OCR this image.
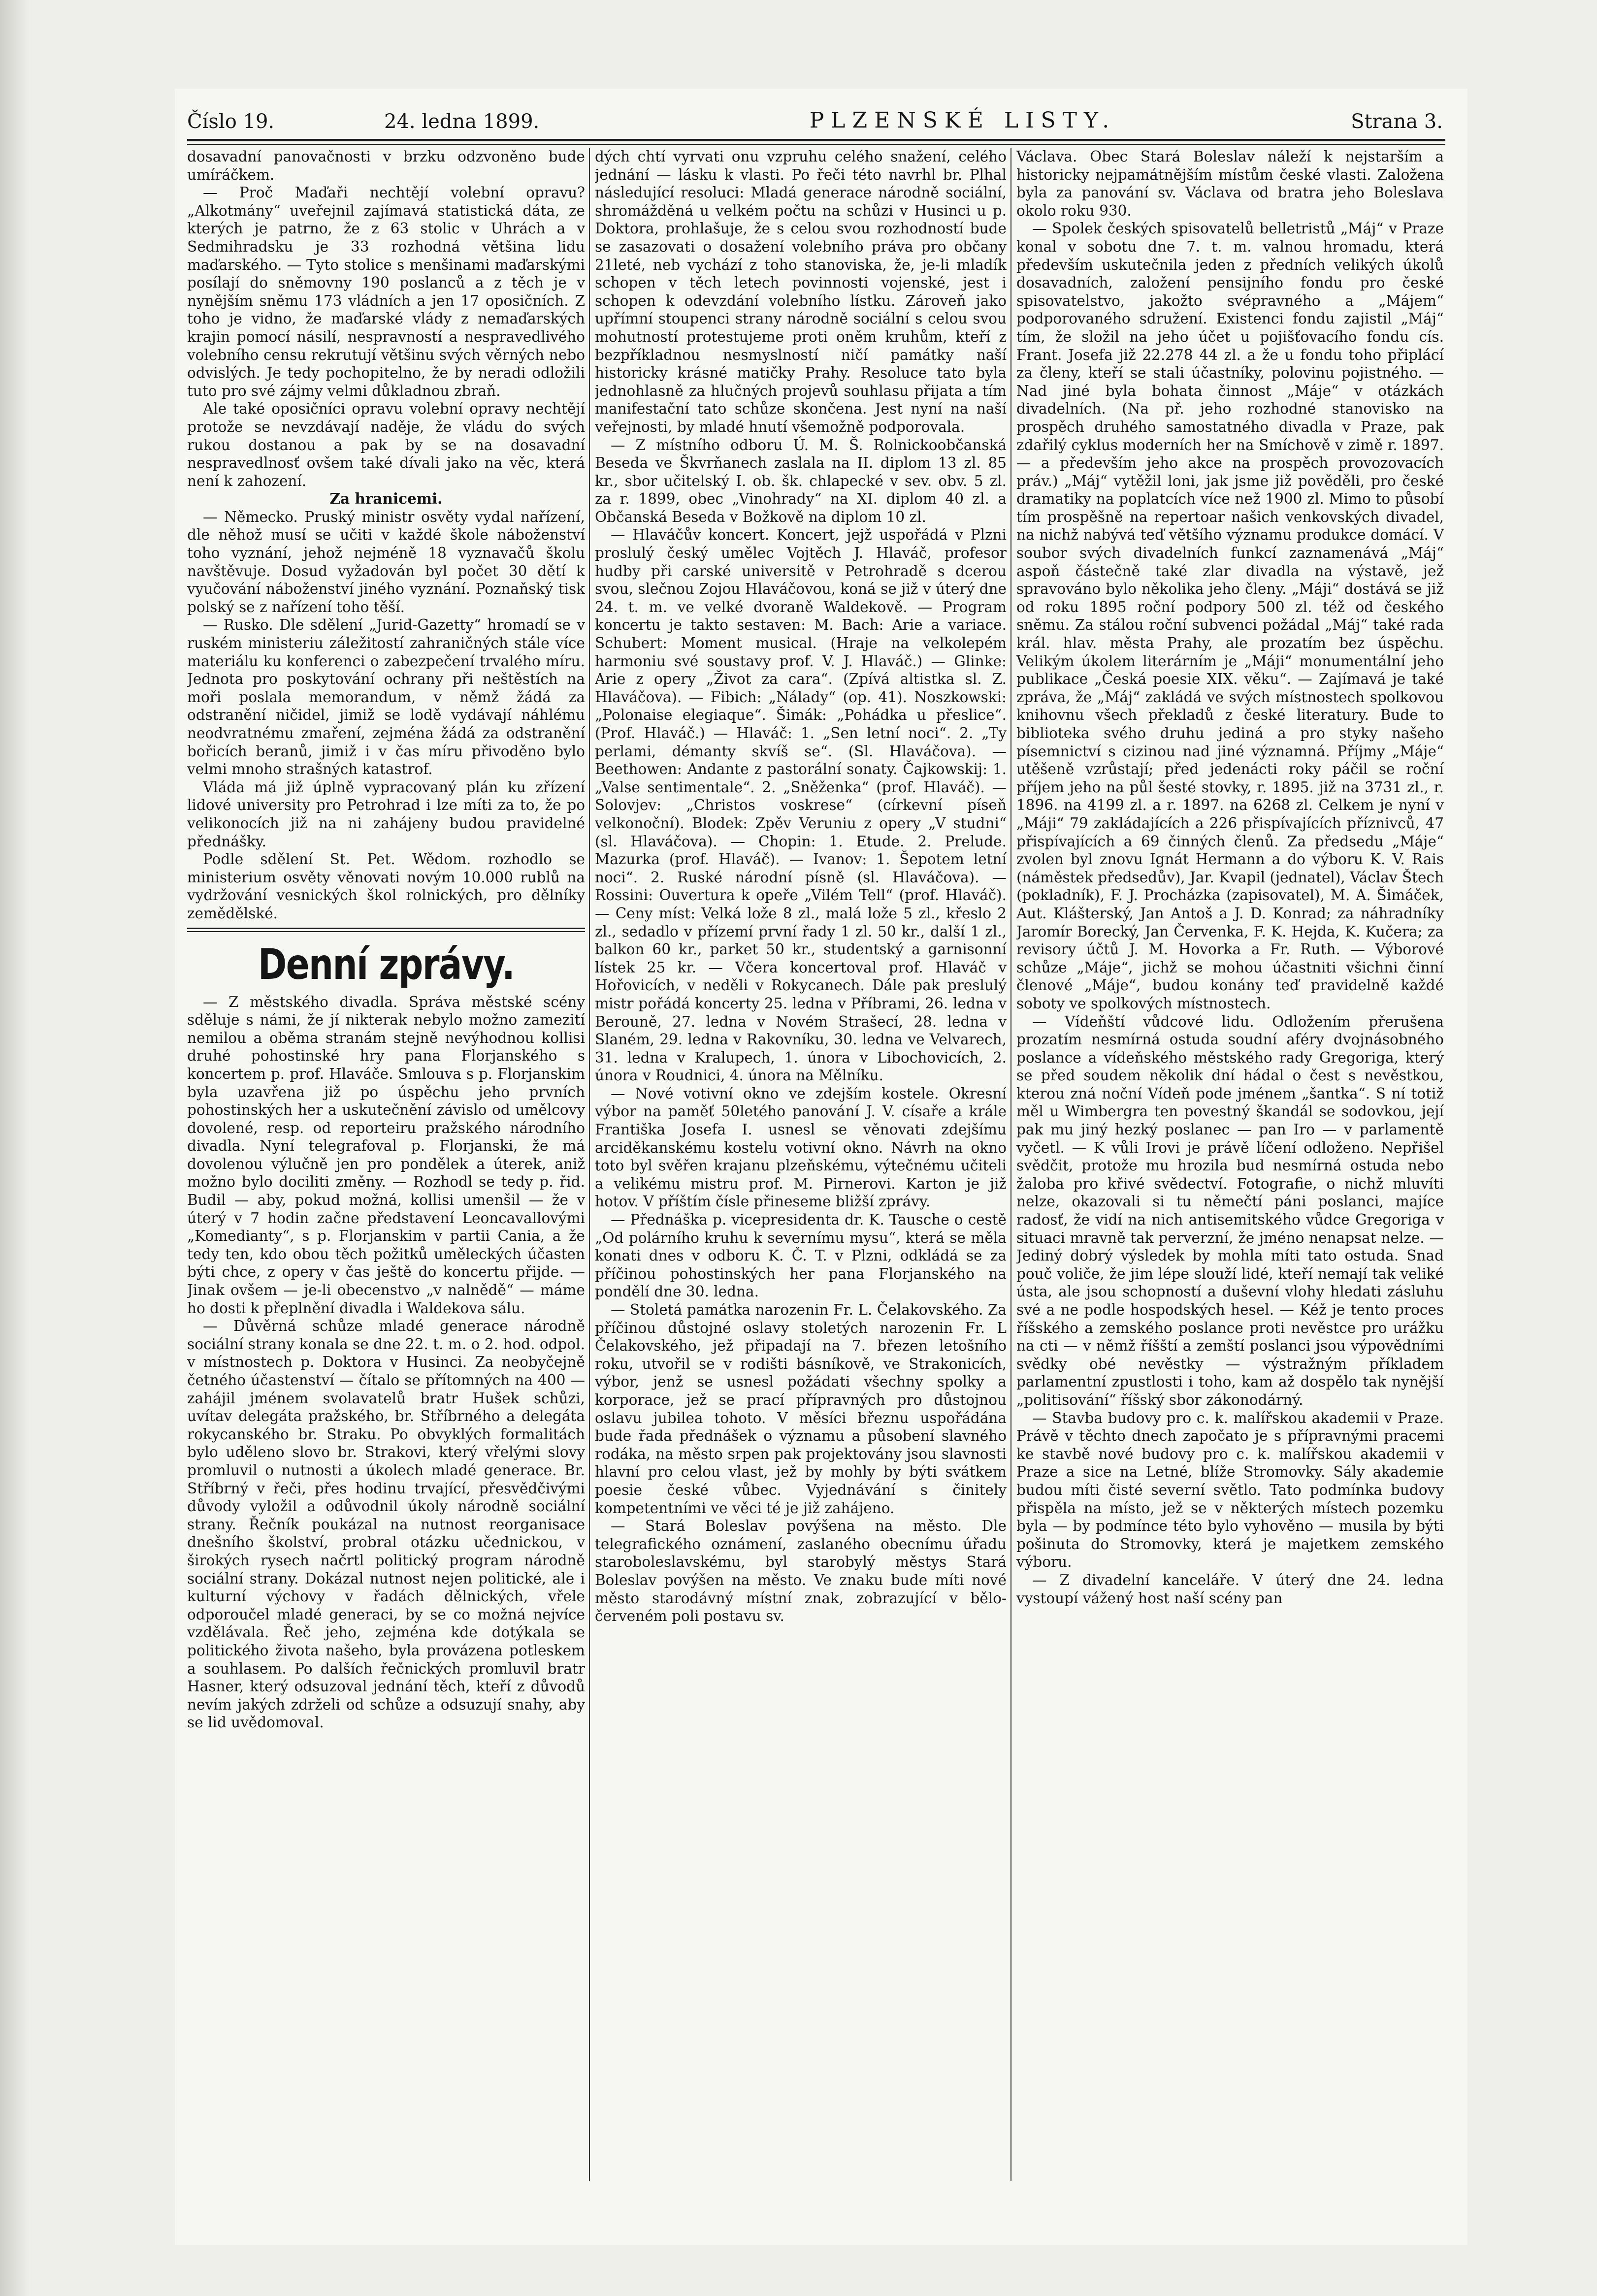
Číslo 19.	24. ledna 1899.	PLZENSKÉ LISTY.	Strana 3.

dosavadní panovačnosti v brzku odzvoněno bude umíráčkem.

— Proč Maďaři nechtějí volební opravu? „Alkotmány“ uveřejnil zajímavá statistická dáta, ze kterých je patrno, že z 63 stolic v Uhrách a v Sedmihradsku je 33 rozhodná většina lidu maďarského. — Tyto stolice s menšinami maďarskými posílají do sněmovny 190 poslanců a z těch je v nynějším sněmu 173 vládních a jen 17 oposičních. Z toho je vidno, že maďarské vlády z nemaďarských krajin pomocí násilí, nespravností a nespravedlivého volebního censu rekrutují většinu svých věrných nebo odvislých. Je tedy pochopitelno, že by neradi odložili tuto pro své zájmy velmi důkladnou zbraň.

Ale také oposičníci opravu volební opravy nechtějí protože se nevzdávají naděje, že vládu do svých rukou dostanou a pak by se na dosavadní nespravedlnosť ovšem také dívali jako na věc, která není k zahození.

Za hranicemi.

— Německo. Pruský ministr osvěty vydal nařízení, dle něhož musí se učiti v každé škole náboženství toho vyznání, jehož nejméně 18 vyznavačů školu navštěvuje. Dosud vyžadován byl počet 30 dětí k vyučování náboženství jiného vyznání. Poznaňský tisk polský se z nařízení toho těší.

— Rusko. Dle sdělení „Jurid-Gazetty“ hromadí se v ruském ministeriu záležitostí zahraničných stále více materiálu ku konferenci o zabezpečení trvalého míru. Jednota pro poskytování ochrany při neštěstích na moři poslala memorandum, v němž žádá za odstranění ničidel, jimiž se lodě vydávají náhlému neodvratnému zmaření, zejména žádá za odstranění bořicích beranů, jimiž i v čas míru přivoděno bylo velmi mnoho strašných katastrof.

Vláda má již úplně vypracovaný plán ku zřízení lidové university pro Petrohrad i lze míti za to, že po velikonocích již na ni zahájeny budou pravidelné přednášky.

Podle sdělení St. Pet. Wědom. rozhodlo se ministerium osvěty věnovati novým 10.000 rublů na vydržování vesnických škol rolnických, pro dělníky zemědělské.

Denní zprávy.

— Z městského divadla. Správa městské scény sděluje s námi, že jí nikterak nebylo možno zamezití nemilou a oběma stranám stejně nevýhodnou kollisi druhé pohostinské hry pana Florjanského s koncertem p. prof. Hlaváče. Smlouva s p. Florjanskim byla uzavřena již po úspěchu jeho prvních pohostinských her a uskutečnění závislo od umělcovy dovolené, resp. od reporteiru pražského národního divadla. Nyní telegrafoval p. Florjanski, že má dovolenou výlučně jen pro pondělek a úterek, aniž možno bylo dociliti změny. — Rozhodl se tedy p. řid. Budil — aby, pokud možná, kollisi umenšil — že v úterý v 7 hodin začne představení Leoncavallovými „Komedianty“, s p. Florjanskim v partii Cania, a že tedy ten, kdo obou těch požitků uměleckých účasten býti chce, z opery v čas ještě do koncertu přijde. — Jinak ovšem — je-li obecenstvo „v nalnědě“ — máme ho dosti k přeplnění divadla i Waldekova sálu.

— Důvěrná schůze mladé generace národně sociální strany konala se dne 22. t. m. o 2. hod. odpol. v místnostech p. Doktora v Husinci. Za neobyčejně četného účastenství — čítalo se přítomných na 400 — zahájil jménem svolavatelů bratr Hušek schůzi, uvítav delegáta pražského, br. Stříbrného a delegáta rokycanského br. Straku. Po obvyklých formalitách bylo uděleno slovo br. Strakovi, který vřelými slovy promluvil o nutnosti a úkolech mladé generace. Br. Stříbrný v řeči, přes hodinu trvající, přesvědčivými důvody vyložil a odůvodnil úkoly národně sociální strany. Řečník poukázal na nutnost reorganisace dnešního školství, probral otázku učednickou, v širokých rysech načrtl politický program národně sociální strany. Dokázal nutnost nejen politické, ale i kulturní výchovy v řadách dělnických, vřele odporoučel mladé generaci, by se co možná nejvíce vzdělávala. Řeč jeho, zejména kde dotýkala se politického života našeho, byla provázena potleskem a souhlasem. Po dalších řečnických promluvil bratr Hasner, který odsuzoval jednání těch, kteří z důvodů nevím jakých zdrželi od schůze a odsuzují snahy, aby se lid uvědomoval.

dých chtí vyrvati onu vzpruhu celého snažení, celého jednání — lásku k vlasti. Po řeči této navrhl br. Plhal následující resoluci: Mladá generace národně sociální, shromážděná u velkém počtu na schůzi v Husinci u p. Doktora, prohlašuje, že s celou svou rozhodností bude se zasazovati o dosažení volebního práva pro občany 21leté, neb vychází z toho stanoviska, že, je-li mladík schopen v těch letech povinnosti vojenské, jest i schopen k odevzdání volebního lístku. Zároveň jako upřímní stoupenci strany národně sociální s celou svou mohutností protestujeme proti oněm kruhům, kteří z bezpříkladnou nesmyslností ničí památky naší historicky krásné matičky Prahy. Resoluce tato byla jednohlasně za hlučných projevů souhlasu přijata a tím manifestační tato schůze skončena. Jest nyní na naší veřejnosti, by mladé hnutí všemožně podporovala.

— Z místního odboru Ú. M. Š. Rolnickoobčanská Beseda ve Škvrňanech zaslala na II. diplom 13 zl. 85 kr., sbor učitelský I. ob. šk. chlapecké v sev. obv. 5 zl. za r. 1899, obec „Vinohrady“ na XI. diplom 40 zl. a Občanská Beseda v Božkově na diplom 10 zl.

— Hlaváčův koncert. Koncert, jejž uspořádá v Plzni proslulý český umělec Vojtěch J. Hlaváč, profesor hudby při carské universitě v Petrohradě s dcerou svou, slečnou Zojou Hlaváčovou, koná se již v úterý dne 24. t. m. ve velké dvoraně Waldekově. — Program koncertu je takto sestaven: M. Bach: Arie a variace. Schubert: Moment musical. (Hraje na velkolepém harmoniu své soustavy prof. V. J. Hlaváč.) — Glinke: Arie z opery „Život za cara“. (Zpívá altistka sl. Z. Hlaváčova). — Fibich: „Nálady“ (op. 41). Noszkowski: „Polonaise elegiaque“. Šimák: „Pohádka u přeslice“. (Prof. Hlaváč.) — Hlaváč: 1. „Sen letní noci“. 2. „Ty perlami, démanty skvíš se“. (Sl. Hlaváčova). — Beethowen: Andante z pastorální sonaty. Čajkowskij: 1. „Valse sentimentale“. 2. „Sněženka“ (prof. Hlaváč). — Solovjev: „Christos voskrese“ (církevní píseň velkonoční). Blodek: Zpěv Veruniu z opery „V studni“ (sl. Hlaváčova). — Chopin: 1. Etude. 2. Prelude. Mazurka (prof. Hlaváč). — Ivanov: 1. Šepotem letní noci“. 2. Ruské národní písně (sl. Hlaváčova). — Rossini: Ouvertura k opeře „Vilém Tell“ (prof. Hlaváč). — Ceny míst: Velká lože 8 zl., malá lože 5 zl., křeslo 2 zl., sedadlo v přízemí první řady 1 zl. 50 kr., další 1 zl., balkon 60 kr., parket 50 kr., studentský a garnisonní lístek 25 kr. — Včera koncertoval prof. Hlaváč v Hořovicích, v neděli v Rokycanech. Dále pak preslulý mistr pořádá koncerty 25. ledna v Příbrami, 26. ledna v Berouně, 27. ledna v Novém Strašecí, 28. ledna v Slaném, 29. ledna v Rakovníku, 30. ledna ve Velvarech, 31. ledna v Kralupech, 1. února v Libochovicích, 2. února v Roudnici, 4. února na Mělníku.

— Nové votivní okno ve zdejším kostele. Okresní výbor na paměť 50letého panování J. V. císaře a krále Františka Josefa I. usnesl se věnovati zdejšímu arciděkanskému kostelu votivní okno. Návrh na okno toto byl svěřen krajanu plzeňskému, výtečnému učiteli a velikému mistru prof. M. Pirnerovi. Karton je již hotov. V příštím čísle přineseme bližší zprávy.

— Přednáška p. vicepresidenta dr. K. Tausche o cestě „Od polárního kruhu k severnímu mysu“, která se měla konati dnes v odboru K. Č. T. v Plzni, odkládá se za příčinou pohostinských her pana Florjanského na pondělí dne 30. ledna.

— Stoletá památka narozenin Fr. L. Čelakovského. Za příčinou důstojné oslavy stoletých narozenin Fr. L Čelakovského, jež připadají na 7. březen letošního roku, utvořil se v rodišti básníkově, ve Strakonicích, výbor, jenž se usnesl požádati všechny spolky a korporace, jež se prací přípravných pro důstojnou oslavu jubilea tohoto. V měsíci březnu uspořádána bude řada přednášek o významu a působení slavného rodáka, na město srpen pak projektovány jsou slavnosti hlavní pro celou vlast, jež by mohly by býti svátkem poesie české vůbec. Vyjednávání s činitely kompetentními ve věci té je již zahájeno.

— Stará Boleslav povýšena na město. Dle telegrafického oznámení, zaslaného obecnímu úřadu staroboleslavskému, byl starobylý městys Stará Boleslav povýšen na město. Ve znaku bude míti nové město starodávný místní znak, zobrazující v bělo-červeném poli postavu sv.

Václava. Obec Stará Boleslav náleží k nejstarším a historicky nejpamátnějším místům české vlasti. Založena byla za panování sv. Václava od bratra jeho Boleslava okolo roku 930.

— Spolek českých spisovatelů belletristů „Máj“ v Praze konal v sobotu dne 7. t. m. valnou hromadu, která především uskutečnila jeden z předních velikých úkolů dosavadních, založení pensijního fondu pro české spisovatelstvo, jakožto svépravného a „Májem“ podporovaného sdružení. Existenci fondu zajistil „Máj“ tím, že složil na jeho účet u pojišťovacího fondu cís. Frant. Josefa již 22.278 44 zl. a že u fondu toho připlácí za členy, kteří se stali účastníky, polovinu pojistného. — Nad jiné byla bohata činnost „Máje“ v otázkách divadelních. (Na př. jeho rozhodné stanovisko na prospěch druhého samostatného divadla v Praze, pak zdařilý cyklus moderních her na Smíchově v zimě r. 1897. — a především jeho akce na prospěch provozovacích práv.) „Máj“ vytěžil loni, jak jsme již pověděli, pro české dramatiky na poplatcích více než 1900 zl. Mimo to působí tím prospěšně na repertoar našich venkovských divadel, na nichž nabývá teď většího významu produkce domácí. V soubor svých divadelních funkcí zaznamenává „Máj“ aspoň částečně také zlar divadla na výstavě, jež spravováno bylo několika jeho členy. „Máji“ dostává se již od roku 1895 roční podpory 500 zl. též od českého sněmu. Za stálou roční subvenci požádal „Máj“ také rada král. hlav. města Prahy, ale prozatím bez úspěchu. Velikým úkolem literárním je „Máji“ monumentální jeho publikace „Česká poesie XIX. věku“. — Zajímavá je také zpráva, že „Máj“ zakládá ve svých místnostech spolkovou knihovnu všech překladů z české literatury. Bude to biblioteka svého druhu jediná a pro styky našeho písemnictví s cizinou nad jiné významná. Příjmy „Máje“ utěšeně vzrůstají; před jedenácti roky páčil se roční příjem jeho na půl šesté stovky, r. 1895. již na 3731 zl., r. 1896. na 4199 zl. a r. 1897. na 6268 zl. Celkem je nyní v „Máji“ 79 zakládajících a 226 přispívajících příznivců, 47 přispívajících a 69 činných členů. Za předsedu „Máje“ zvolen byl znovu Ignát Hermann a do výboru K. V. Rais (náměstek předsedův), Jar. Kvapil (jednatel), Václav Štech (pokladník), F. J. Procházka (zapisovatel), M. A. Šimáček, Aut. Klášterský, Jan Antoš a J. D. Konrad; za náhradníky Jaromír Borecký, Jan Červenka, F. K. Hejda, K. Kučera; za revisory účtů J. M. Hovorka a Fr. Ruth. — Výborové schůze „Máje“, jichž se mohou účastniti všichni činní členové „Máje“, budou konány teď pravidelně každé soboty ve spolkových místnostech.

— Vídeňští vůdcové lidu. Odložením přerušena prozatím nesmírná ostuda soudní aféry dvojnásobného poslance a vídeňského městského rady Gregoriga, který se před soudem několik dní hádal o čest s nevěstkou, kterou zná noční Vídeň pode jménem „šantka“. S ní totiž měl u Wimbergra ten povestný škandál se sodovkou, její pak mu jiný hezký poslanec — pan Iro — v parlamentě vyčetl. — K vůli Irovi je právě líčení odloženo. Nepřišel svědčit, protože mu hrozila bud nesmírná ostuda nebo žaloba pro křivé svědectví. Fotografie, o nichž mluvíti nelze, okazovali si tu němečtí páni poslanci, majíce radosť, že vidí na nich antisemitského vůdce Gregoriga v situaci mravně tak perverzní, že jméno nenapsat nelze. — Jediný dobrý výsledek by mohla míti tato ostuda. Snad pouč voliče, že jim lépe slouží lidé, kteří nemají tak veliké ústa, ale jsou schopností a duševní vlohy hledati zásluhu své a ne podle hospodských hesel. — Kéž je tento proces říšského a zemského poslance proti nevěstce pro urážku na cti — v němž říšští a zemští poslanci jsou výpovědními svědky obé nevěstky — výstražným příkladem parlamentní zpustlosti i toho, kam až dospělo tak nynější „politisování“ říšský sbor zákonodárný.

— Stavba budovy pro c. k. malířskou akademii v Praze. Právě v těchto dnech započato je s přípravnými pracemi ke stavbě nové budovy pro c. k. malířskou akademii v Praze a sice na Letné, blíže Stromovky. Sály akademie budou míti čisté severní světlo. Tato podmínka budovy přispěla na místo, jež se v některých místech pozemku byla — by podmínce této bylo vyhověno — musila by býti pošinuta do Stromovky, která je majetkem zemského výboru.

— Z divadelní kanceláře. V úterý dne 24. ledna vystoupí vážený host naší scény pan
